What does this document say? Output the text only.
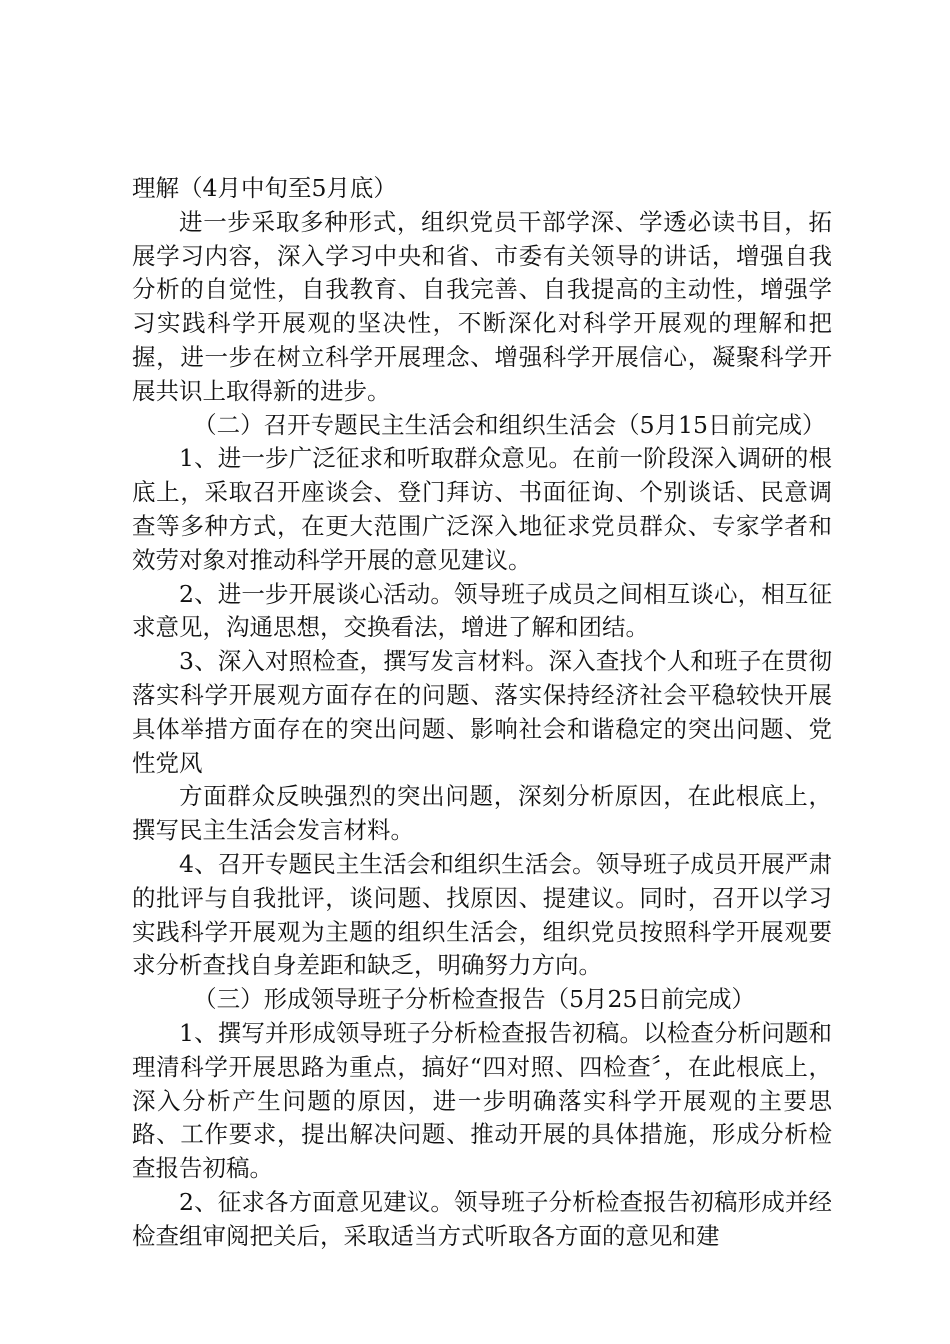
理解（4月中旬至5月底）

进一步采取多种形式，组织党员干部学深、学透必读书目，拓展学习内容，深入学习中央和省、市委有关领导的讲话，增强自我分析的自觉性，自我教育、自我完善、自我提高的主动性，增强学习实践科学开展观的坚决性，不断深化对科学开展观的理解和把握，进一步在树立科学开展理念、增强科学开展信心，凝聚科学开展共识上取得新的进步。

（二）召开专题民主生活会和组织生活会（5月15日前完成）

1、进一步广泛征求和听取群众意见。在前一阶段深入调研的根底上，采取召开座谈会、登门拜访、书面征询、个别谈话、民意调查等多种方式，在更大范围广泛深入地征求党员群众、专家学者和效劳对象对推动科学开展的意见建议。

2、进一步开展谈心活动。领导班子成员之间相互谈心，相互征求意见，沟通思想，交换看法，增进了解和团结。

3、深入对照检查，撰写发言材料。深入查找个人和班子在贯彻落实科学开展观方面存在的问题、落实保持经济社会平稳较快开展具体举措方面存在的突出问题、影响社会和谐稳定的突出问题、党性党风

方面群众反映强烈的突出问题，深刻分析原因，在此根底上，撰写民主生活会发言材料。

4、召开专题民主生活会和组织生活会。领导班子成员开展严肃的批评与自我批评，谈问题、找原因、提建议。同时，召开以学习实践科学开展观为主题的组织生活会，组织党员按照科学开展观要求分析查找自身差距和缺乏，明确努力方向。

（三）形成领导班子分析检查报告（5月25日前完成）

1、撰写并形成领导班子分析检查报告初稿。以检查分析问题和理清科学开展思路为重点，搞好“四对照、四检查〞，在此根底上，深入分析产生问题的原因，进一步明确落实科学开展观的主要思路、工作要求，提出解决问题、推动开展的具体措施，形成分析检查报告初稿。

2、征求各方面意见建议。领导班子分析检查报告初稿形成并经检查组审阅把关后，采取适当方式听取各方面的意见和建
